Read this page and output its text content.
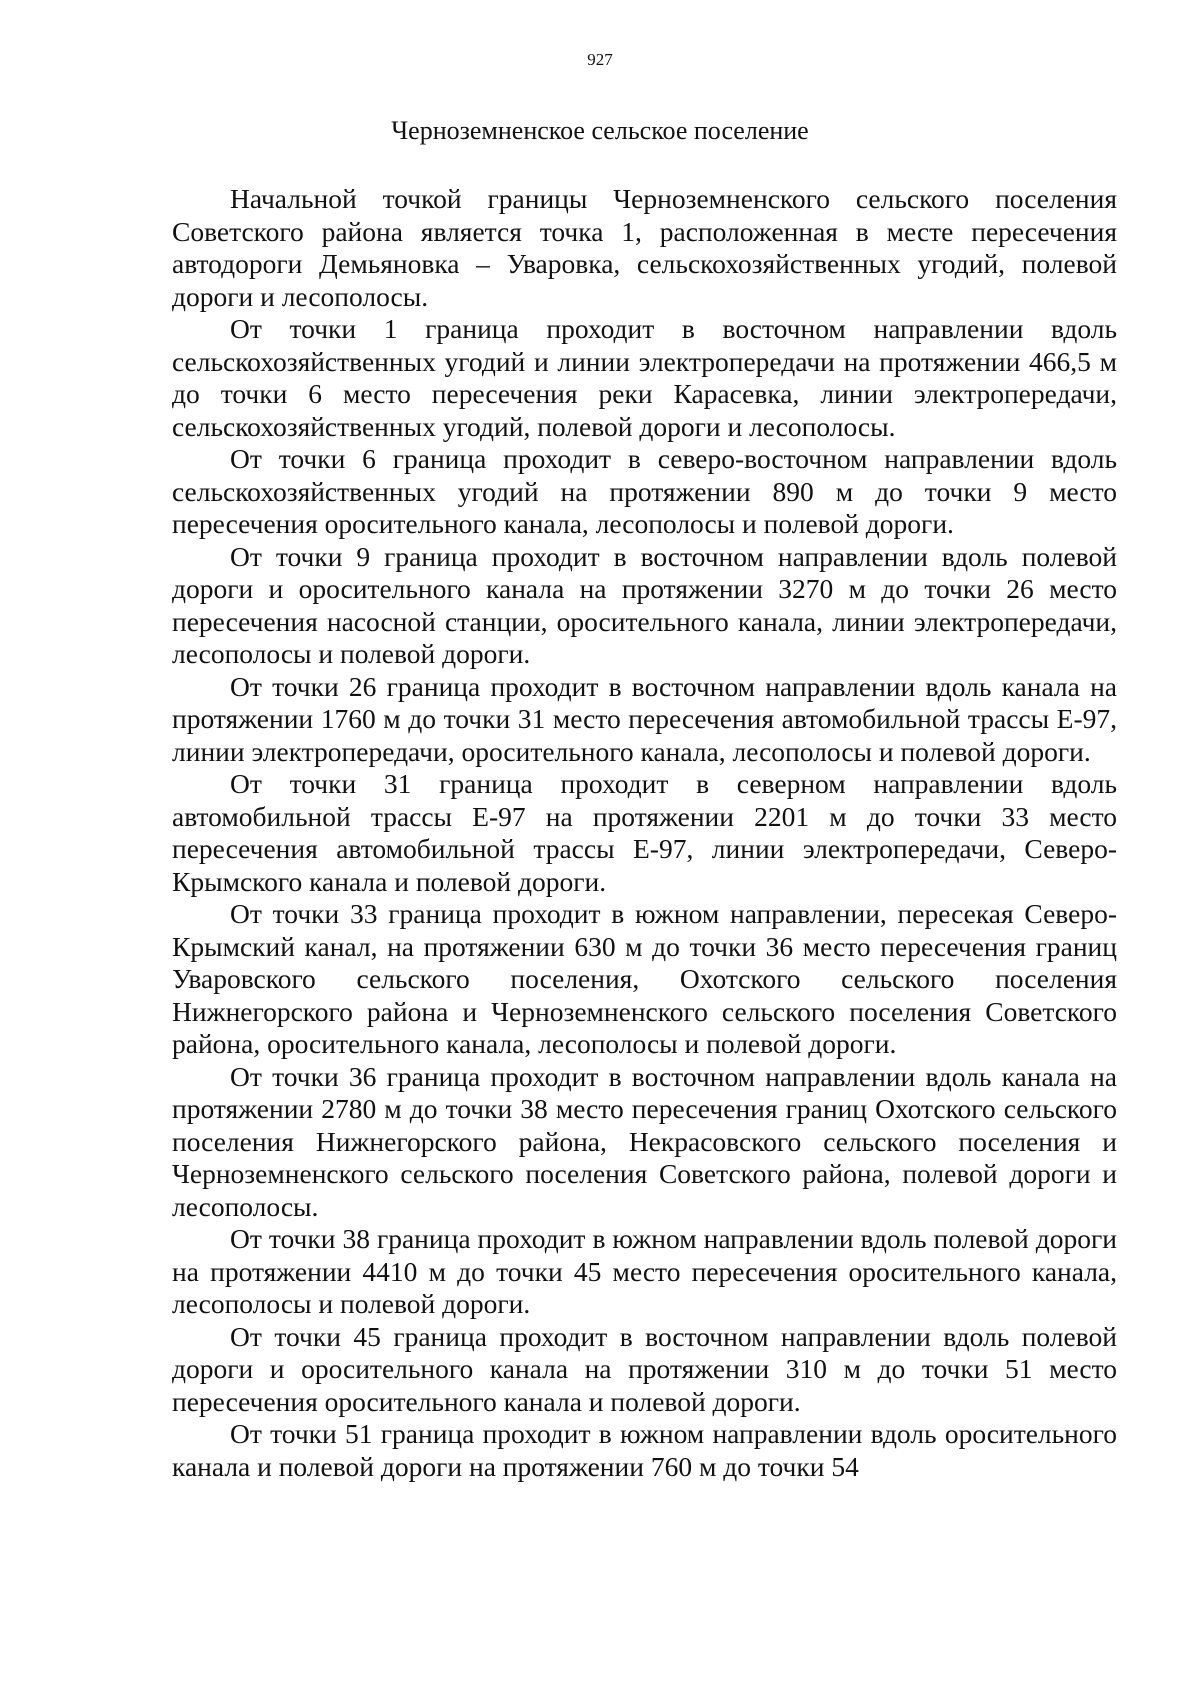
927
Черноземненское сельское поселение

Начальной точкой границы Черноземненского сельского поселения Советского района является точка 1, расположенная в месте пересечения автодороги Демьяновка – Уваровка, сельскохозяйственных угодий, полевой дороги и лесополосы.

От точки 1 граница проходит в восточном направлении вдоль сельскохозяйственных угодий и линии электропередачи на протяжении 466,5 м до точки 6 место пересечения реки Карасевка, линии электропередачи, сельскохозяйственных угодий, полевой дороги и лесополосы.

От точки 6 граница проходит в северо-восточном направлении вдоль сельскохозяйственных угодий на протяжении 890 м до точки 9 место пересечения оросительного канала, лесополосы и полевой дороги.

От точки 9 граница проходит в восточном направлении вдоль полевой дороги и оросительного канала на протяжении 3270 м до точки 26 место пересечения насосной станции, оросительного канала, линии электропередачи, лесополосы и полевой дороги.

От точки 26 граница проходит в восточном направлении вдоль канала на протяжении 1760 м до точки 31 место пересечения автомобильной трассы Е-97, линии электропередачи, оросительного канала, лесополосы и полевой дороги.

От точки 31 граница проходит в северном направлении вдоль автомобильной трассы Е-97 на протяжении 2201 м до точки 33 место пересечения автомобильной трассы Е-97, линии электропередачи, Северо-Крымского канала и полевой дороги.

От точки 33 граница проходит в южном направлении, пересекая Северо-Крымский канал, на протяжении 630 м до точки 36 место пересечения границ Уваровского сельского поселения, Охотского сельского поселения Нижнегорского района и Черноземненского сельского поселения Советского района, оросительного канала, лесополосы и полевой дороги.

От точки 36 граница проходит в восточном направлении вдоль канала на протяжении 2780 м до точки 38 место пересечения границ Охотского сельского поселения Нижнегорского района, Некрасовского сельского поселения и Черноземненского сельского поселения Советского района, полевой дороги и лесополосы.

От точки 38 граница проходит в южном направлении вдоль полевой дороги на протяжении 4410 м до точки 45 место пересечения оросительного канала, лесополосы и полевой дороги.

От точки 45 граница проходит в восточном направлении вдоль полевой дороги и оросительного канала на протяжении 310 м до точки 51 место пересечения оросительного канала и полевой дороги.

От точки 51 граница проходит в южном направлении вдоль оросительного канала и полевой дороги на протяжении 760 м до точки 54
